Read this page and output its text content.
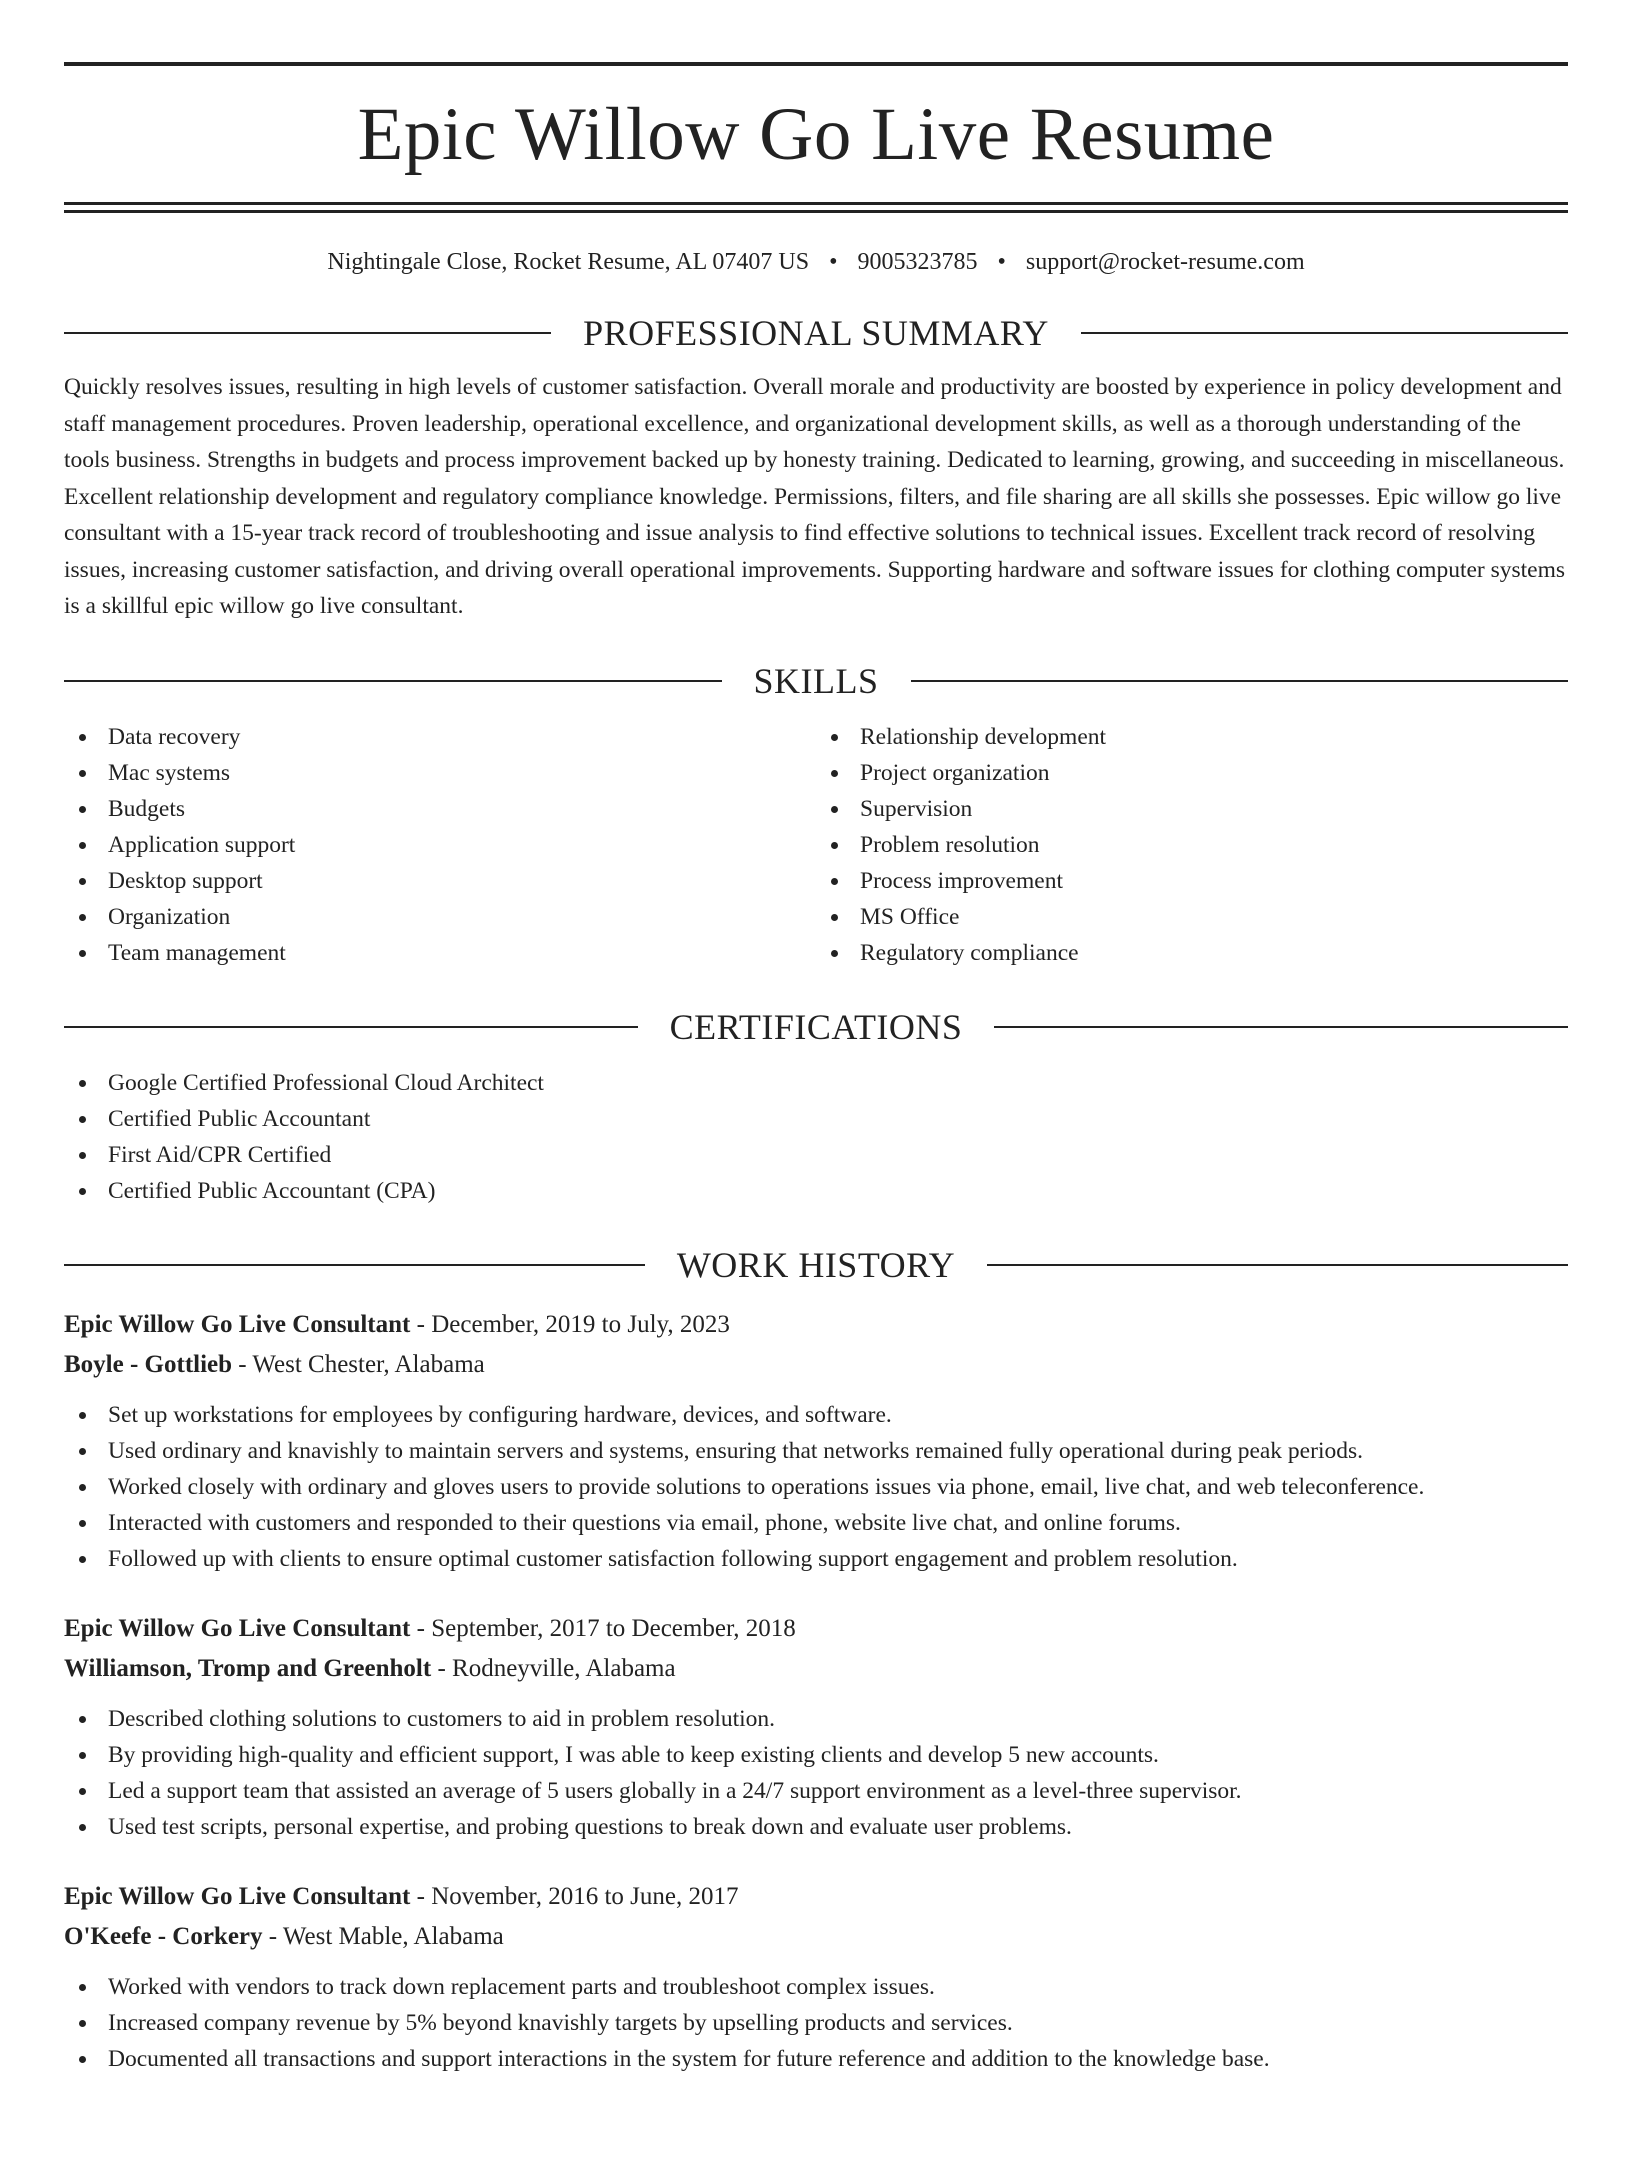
Epic Willow Go Live Resume
Nightingale Close, Rocket Resume, AL 07407 US • 9005323785 • support@rocket-resume.com
PROFESSIONAL SUMMARY
Quickly resolves issues, resulting in high levels of customer satisfaction. Overall morale and productivity are boosted by experience in policy development and staff management procedures. Proven leadership, operational excellence, and organizational development skills, as well as a thorough understanding of the tools business. Strengths in budgets and process improvement backed up by honesty training. Dedicated to learning, growing, and succeeding in miscellaneous. Excellent relationship development and regulatory compliance knowledge. Permissions, filters, and file sharing are all skills she possesses. Epic willow go live consultant with a 15-year track record of troubleshooting and issue analysis to find effective solutions to technical issues. Excellent track record of resolving issues, increasing customer satisfaction, and driving overall operational improvements. Supporting hardware and software issues for clothing computer systems is a skillful epic willow go live consultant.
SKILLS
Data recovery
Mac systems
Budgets
Application support
Desktop support
Organization
Team management
Relationship development
Project organization
Supervision
Problem resolution
Process improvement
MS Office
Regulatory compliance
CERTIFICATIONS
Google Certified Professional Cloud Architect
Certified Public Accountant
First Aid/CPR Certified
Certified Public Accountant (CPA)
WORK HISTORY
Epic Willow Go Live Consultant - December, 2019 to July, 2023
Boyle - Gottlieb - West Chester, Alabama
Set up workstations for employees by configuring hardware, devices, and software.
Used ordinary and knavishly to maintain servers and systems, ensuring that networks remained fully operational during peak periods.
Worked closely with ordinary and gloves users to provide solutions to operations issues via phone, email, live chat, and web teleconference.
Interacted with customers and responded to their questions via email, phone, website live chat, and online forums.
Followed up with clients to ensure optimal customer satisfaction following support engagement and problem resolution.
Epic Willow Go Live Consultant - September, 2017 to December, 2018
Williamson, Tromp and Greenholt - Rodneyville, Alabama
Described clothing solutions to customers to aid in problem resolution.
By providing high-quality and efficient support, I was able to keep existing clients and develop 5 new accounts.
Led a support team that assisted an average of 5 users globally in a 24/7 support environment as a level-three supervisor.
Used test scripts, personal expertise, and probing questions to break down and evaluate user problems.
Epic Willow Go Live Consultant - November, 2016 to June, 2017
O'Keefe - Corkery - West Mable, Alabama
Worked with vendors to track down replacement parts and troubleshoot complex issues.
Increased company revenue by 5% beyond knavishly targets by upselling products and services.
Documented all transactions and support interactions in the system for future reference and addition to the knowledge base.
